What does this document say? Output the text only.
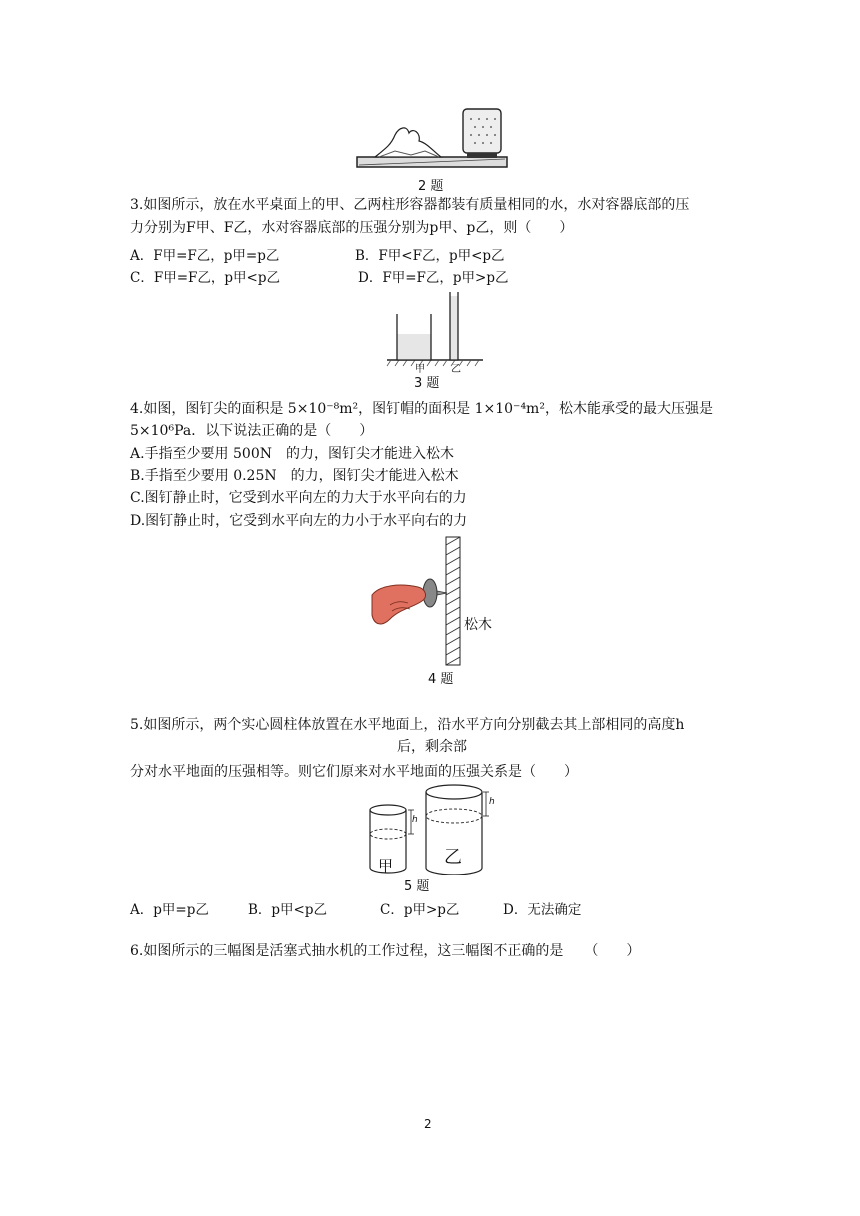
2 题
3.如图所示，放在水平桌面上的甲、乙两柱形容器都装有质量相同的水，水对容器底部的压
力分别为F甲、F乙，水对容器底部的压强分别为p甲、p乙，则（　　）
A．F甲=F乙，p甲=p乙	B．F甲<F乙，p甲<p乙
C．F甲=F乙，p甲<p乙	D．F甲=F乙，p甲>p乙
甲	乙
3 题
4.如图，图钉尖的面积是 5×10⁻⁸m²，图钉帽的面积是 1×10⁻⁴m²，松木能承受的最大压强是
5×10⁶Pa．以下说法正确的是（　　）
A.手指至少要用 500N　的力，图钉尖才能进入松木
B.手指至少要用 0.25N　的力，图钉尖才能进入松木
C.图钉静止时，它受到水平向左的力大于水平向右的力
D.图钉静止时，它受到水平向左的力小于水平向右的力
松木
4 题
5.如图所示，两个实心圆柱体放置在水平地面上，沿水平方向分别截去其上部相同的高度h
后，剩余部
分对水平地面的压强相等。则它们原来对水平地面的压强关系是（　　）
h
h
甲	乙
5 题
A．p甲=p乙	B．p甲<p乙	C．p甲>p乙	D．无法确定
6.如图所示的三幅图是活塞式抽水机的工作过程，这三幅图不正确的是　　（　　）
2
